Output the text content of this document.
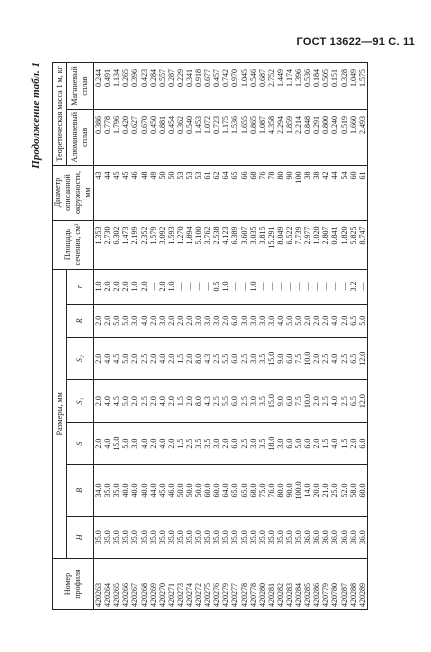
ГОСТ 13622—91 С. 11
Продолжение табл. 1
Номер профиля	Размеры, мм							Площадь сечения, см²	Диаметр описанной окружности, мм	Теоретическая масса 1 м, кг	
	H	B	S	S₁	S₂	R	r			Алюминиевый сплав	Магниевый сплав
420263	35.0	34.0	2.0	2.0	2.0	2.0	1.0	1.353	43	0.386	0.244
420264	35.0	35.0	4.0	4.0	4.0	2.0	2.0	2.730	44	0.778	0.491
420265	35.0	35.0	15.0	4.5	4.5	5.0	2.0	6.302	45	1.796	1.134
420266	35.0	40.0	5.0	5.0	5.0	5.0	2.0	1.473	45	0.420	0.265
420267	35.0	40.0	3.0	2.0	2.0	3.0	1.0	2.199	46	0.627	0.396
420268	35.0	40.0	4.0	2.5	2.5	4.0	2.0	2.352	48	0.670	0.423
420269	35.0	44.0	2.0	2.0	2.0	2.0	—	1.579	49	0.450	0.284
420270	35.0	45.0	4.0	4.0	4.0	3.0	2.0	3.092	50	0.881	0.557
420271	35.0	46.0	2.0	2.0	2.0	2.0	1.0	1.593	50	0.454	0.287
420273	35.0	50.0	1.5	1.5	1.5	2.0	—	1.270	53	0.362	0.229
420274	35.0	50.0	2.5	2.0	2.0	2.0	—	1.894	53	0.540	0.341
420272	35.0	50.0	3.5	8.0	8.0	3.0	—	5.100	53	1.453	0.918
420275	35.0	60.0	3.5	4.3	4.3	3.0	—	3.762	61	1.072	0.677
420276	35.0	60.0	3.0	2.5	2.5	3.0	0.5	2.538	62	0.723	0.457
420279	35.0	64.0	2.0	5.5	5.5	2.0	1.0	4.123	64	1.175	0.742
420277	35.0	65.0	6.0	6.0	6.0	6.0	—	6.389	65	1.536	0.970
420278	35.0	65.0	2.5	2.5	2.5	3.0	—	3.607	66	1.655	1.045
420778	35.0	68.0	3.0	3.0	3.0	3.0	1.0	3.035	68	0.865	0.546
420280	35.0	75.0	3.5	3.5	3.5	3.0	—	3.815	76	1.087	0.687
420281	35.0	76.0	18.0	15.0	15.0	3.0	—	15.291	78	4.358	2.752
420282	35.0	80.0	3.0	9.0	9.0	4.0	—	8.049	80	2.294	1.449
420283	35.0	90.0	6.0	6.0	6.0	5.0	—	6.522	90	1.859	1.174
420284	35.0	100.0	5.0	7.5	7.5	5.0	—	7.739	100	2.214	1.396
420285	36.0	14.0	6.0	10.0	10.0	2.0	—	2.977	38	0.848	0.536
420286	36.0	20.0	2.0	2.0	2.0	2.0	—	1.020	38	0.291	0.184
420779	36.0	21.0	1.5	2.5	2.5	2.0	—	2.807	42	0.800	0.505
420780	36.0	25.0	4.0	4.0	4.0	4.0	—	0.841	44	0.240	0.151
420287	36.0	52.0	1.5	2.5	2.5	2.0	—	1.820	54	0.519	0.328
420288	36.0	58.0	2.0	6.5	6.5	6.5	3.2	5.825	60	1.660	1.049
420289	36.0	60.0	6.0	12.0	12.0	5.0	—	8.747	61	2.493	1.575
